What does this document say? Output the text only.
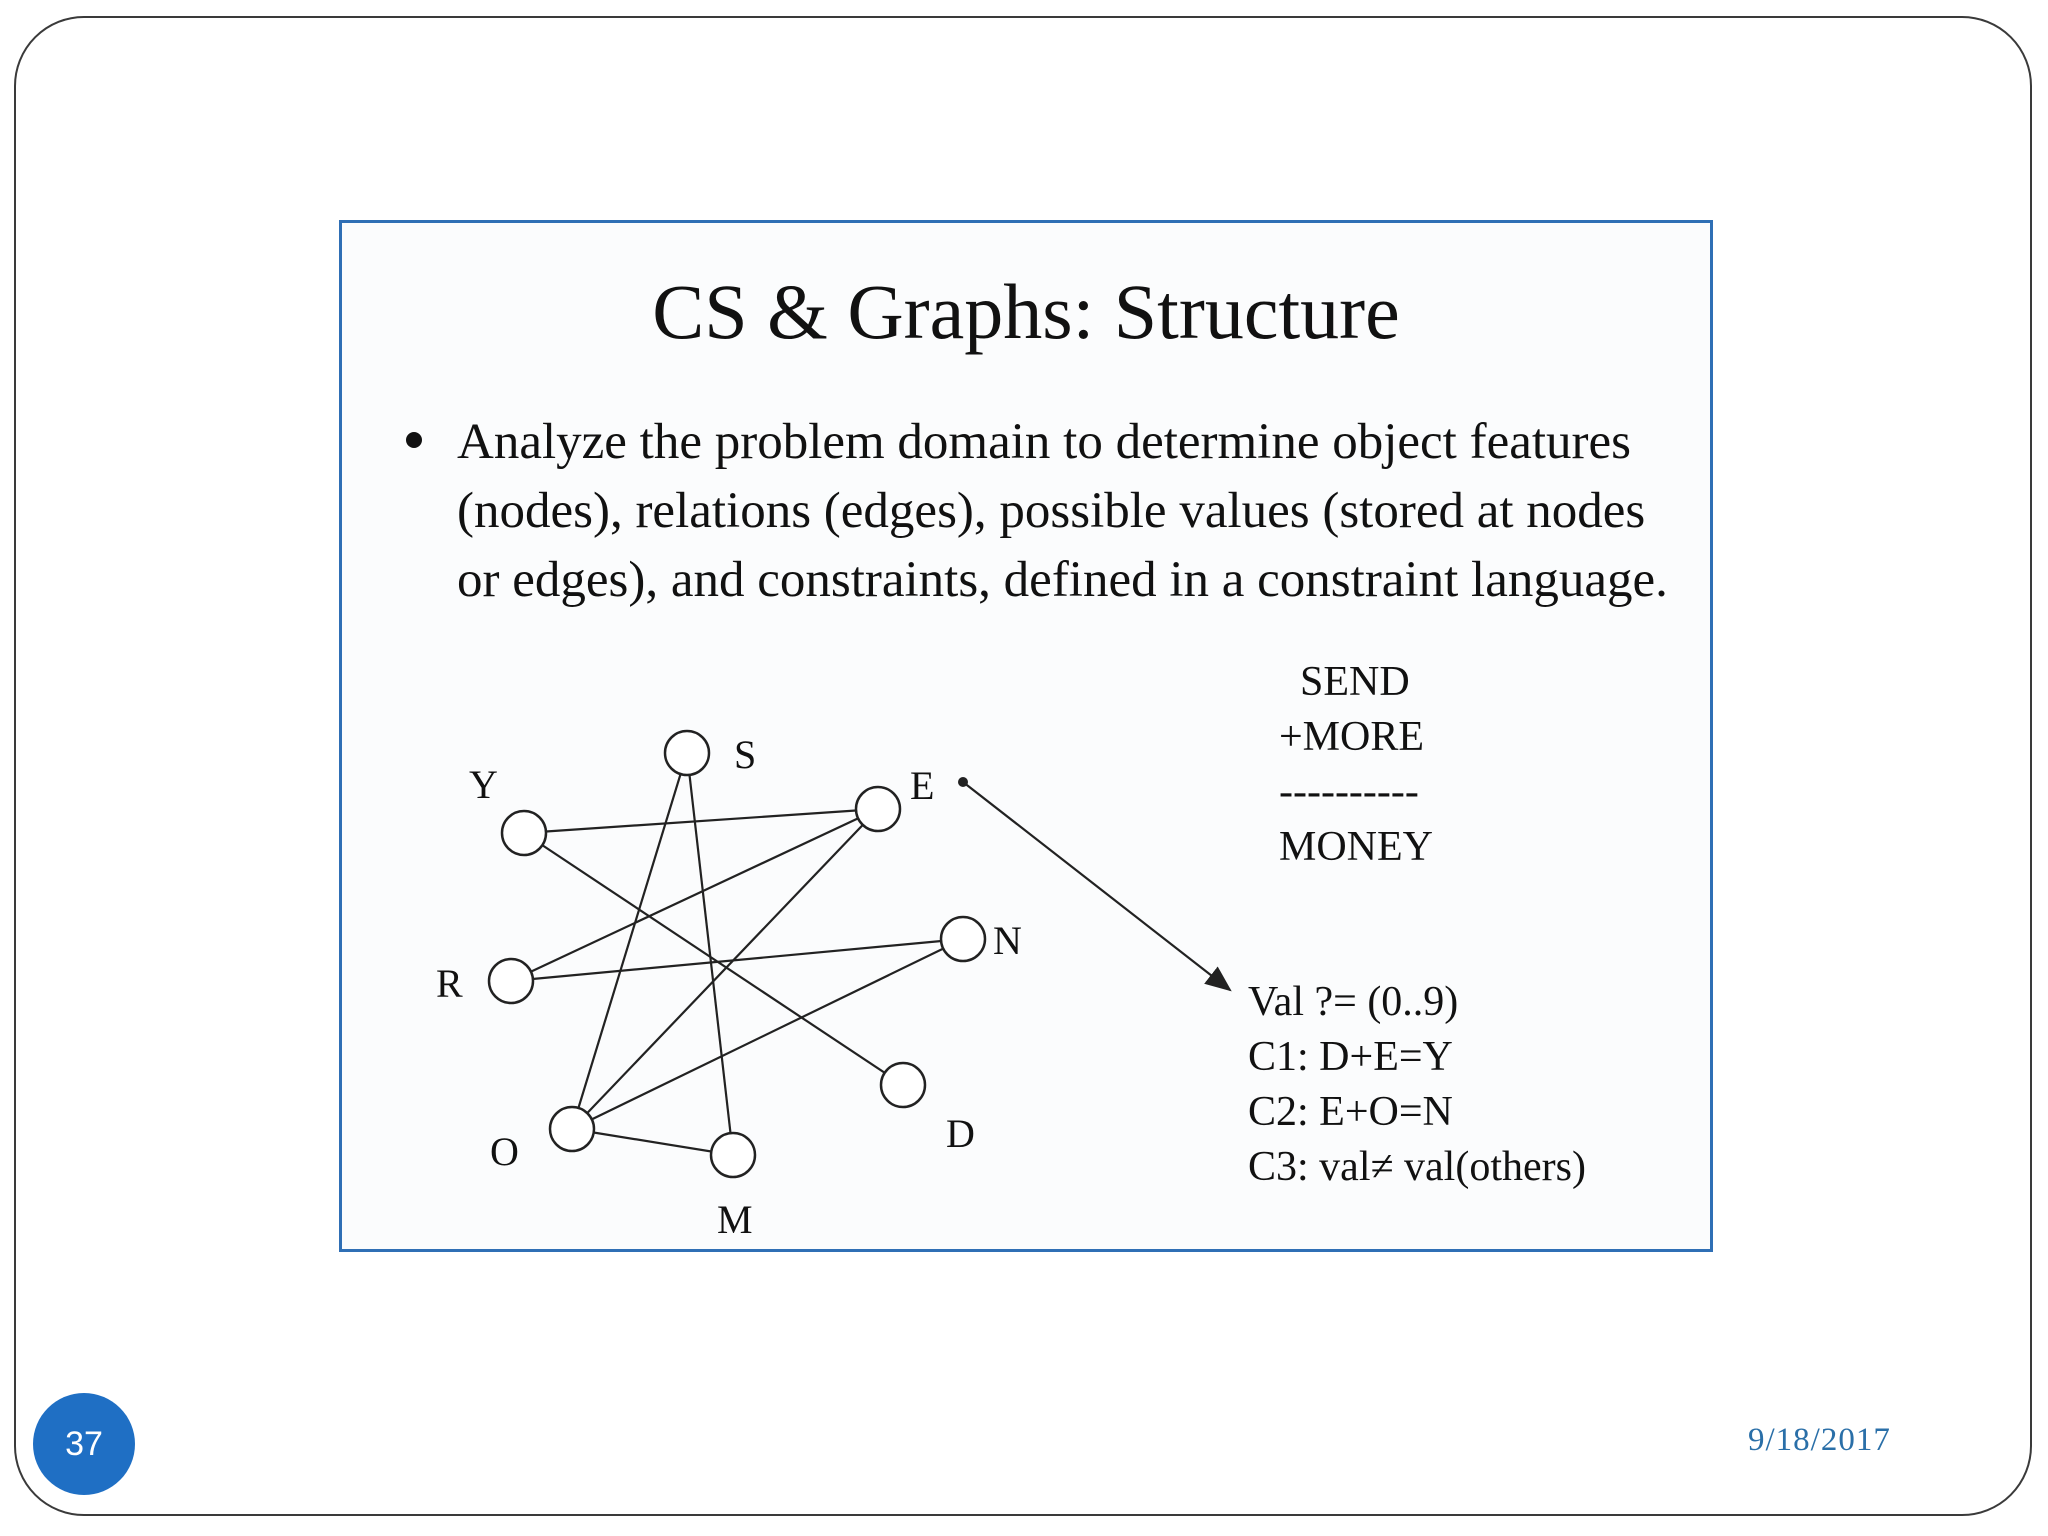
CS & Graphs: Structure

Analyze the problem domain to determine object features (nodes), relations (edges), possible values (stored at nodes or edges), and constraints, defined in a constraint language.

S
Y	E
R
N
O
M
D
SEND
+MORE
----------
MONEY
Val ?= (0..9)
C1: D+E=Y
C2: E+O=N
C3: val≠ val(others)
37	9/18/2017
